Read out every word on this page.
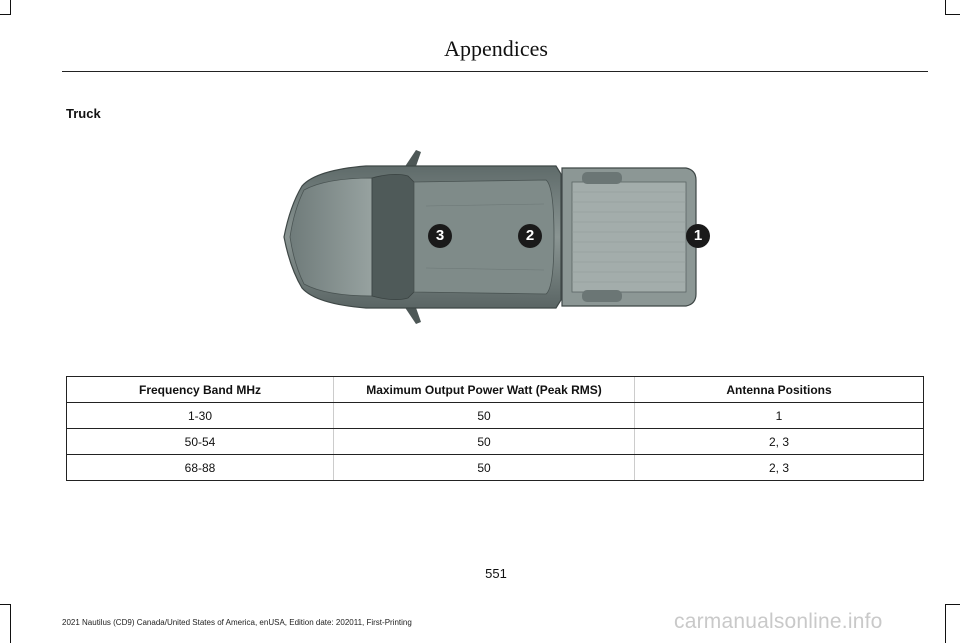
Appendices
Truck
3	2	1
Frequency Band MHz	Maximum Output Power Watt (Peak RMS)	Antenna Positions
1-30	50	1
50-54	50	2, 3
68-88	50	2, 3
551
2021 Nautilus (CD9) Canada/United States of America, enUSA, Edition date: 202011, First-Printing	carmanualsonline.info
